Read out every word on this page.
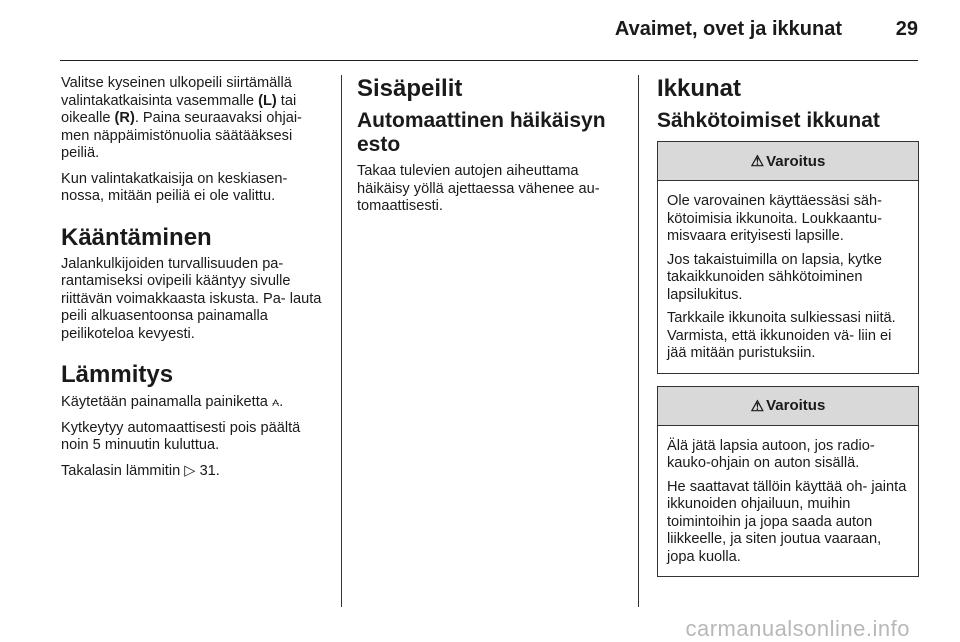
Avaimet, ovet ja ikkunat	29

Valitse kyseinen ulkopeili siirtämällä valintakatkaisinta vasemmalle (L) tai oikealle (R). Paina seuraavaksi ohjai- men näppäimistönuolia säätääksesi peiliä.

Kun valintakatkaisija on keskiasen- nossa, mitään peiliä ei ole valittu.

Kääntäminen

Jalankulkijoiden turvallisuuden pa- rantamiseksi ovipeili kääntyy sivulle riittävän voimakkaasta iskusta. Pa- lauta peili alkuasentoonsa painamalla peilikoteloa kevyesti.

Lämmitys

Käytetään painamalla painiketta ⩜.

Kytkeytyy automaattisesti pois päältä noin 5 minuutin kuluttua.

Takalasin lämmitin ▷ 31.

Sisäpeilit
Automaattinen häikäisyn esto

Takaa tulevien autojen aiheuttama häikäisy yöllä ajettaessa vähenee au- tomaattisesti.

Ikkunat
Sähkötoimiset ikkunat
⚠ Varoitus

Ole varovainen käyttäessäsi säh- kötoimisia ikkunoita. Loukkaantu- misvaara erityisesti lapsille.

Jos takaistuimilla on lapsia, kytke takaikkunoiden sähkötoiminen lapsilukitus.

Tarkkaile ikkunoita sulkiessasi niitä. Varmista, että ikkunoiden vä- liin ei jää mitään puristuksiin.

⚠ Varoitus

Älä jätä lapsia autoon, jos radio- kauko-ohjain on auton sisällä.

He saattavat tällöin käyttää oh- jainta ikkunoiden ohjailuun, muihin toimintoihin ja jopa saada auton liikkeelle, ja siten joutua vaaraan, jopa kuolla.

carmanualsonline.info
